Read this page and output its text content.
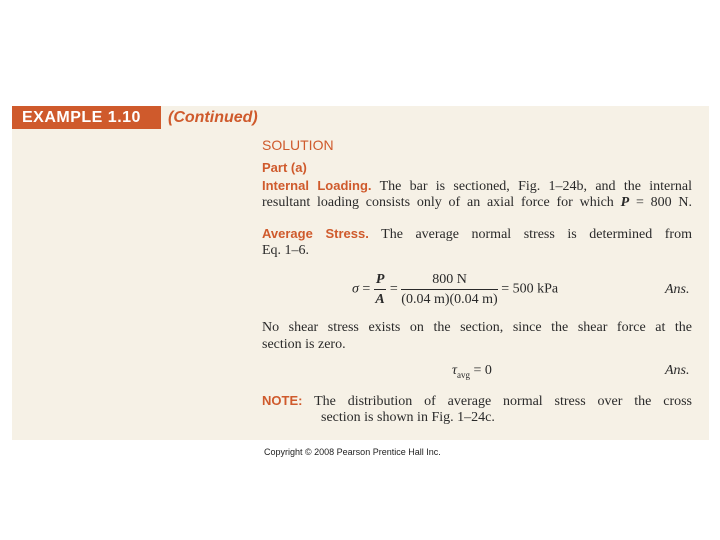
EXAMPLE 1.10	(Continued)
SOLUTION
Part (a)
Internal Loading. The bar is sectioned, Fig. 1–24b, and the internal
resultant loading consists only of an axial force for which P = 800 N.
Average Stress. The average normal stress is determined from
Eq. 1–6.
σ =
P
A
= $\frac{800 N}{(0.04 m)(0.04 m)} = 500$ kPa	Ans.
No shear stress exists on the section, since the shear force at the
section is zero.
$\tau_{avg} = 0$	Ans.
NOTE: The distribution of average normal stress over the cross
section is shown in Fig. 1–24c.
Copyright © 2008 Pearson Prentice Hall Inc.
